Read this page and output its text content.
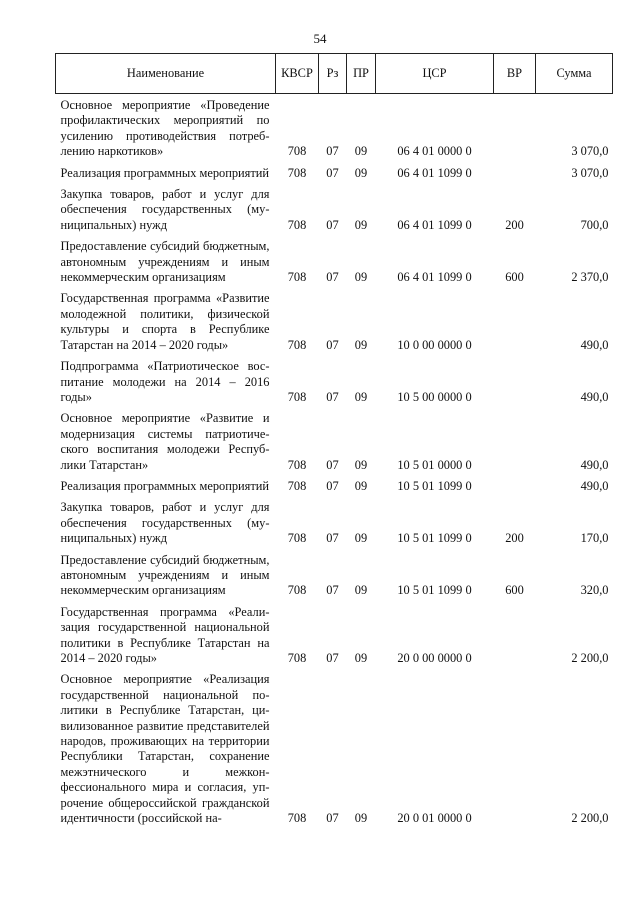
54
Наименование	КВСР	Рз	ПР	ЦСР	ВР	Сумма
Основное мероприятие «Проведение профилактических мероприятий по усилению противодействия потреблению наркотиков»	708	07	09	06 4 01 0000 0		3 070,0
Реализация программных мероприятий	708	07	09	06 4 01 1099 0		3 070,0
Закупка товаров, работ и услуг для обеспечения государственных (муниципальных) нужд	708	07	09	06 4 01 1099 0	200	700,0
Предоставление субсидий бюджетным, автономным учреждениям и иным некоммерческим организациям	708	07	09	06 4 01 1099 0	600	2 370,0
Государственная программа «Развитие молодежной политики, физической культуры и спорта в Республике Татарстан на 2014 – 2020 годы»	708	07	09	10 0 00 0000 0		490,0
Подпрограмма «Патриотическое воспитание молодежи на 2014 – 2016 годы»	708	07	09	10 5 00 0000 0		490,0
Основное мероприятие «Развитие и модернизация системы патриотического воспитания молодежи Республики Татарстан»	708	07	09	10 5 01 0000 0		490,0
Реализация программных мероприятий	708	07	09	10 5 01 1099 0		490,0
Закупка товаров, работ и услуг для обеспечения государственных (муниципальных) нужд	708	07	09	10 5 01 1099 0	200	170,0
Предоставление субсидий бюджетным, автономным учреждениям и иным некоммерческим организациям	708	07	09	10 5 01 1099 0	600	320,0
Государственная программа «Реализация государственной национальной политики в Республике Татарстан на 2014 – 2020 годы»	708	07	09	20 0 00 0000 0		2 200,0
Основное мероприятие «Реализация государственной национальной политики в Республике Татарстан, цивилизованное развитие представителей народов, проживающих на территории Республики Татарстан, сохранение межэтнического и межконфессионального мира и согласия, упрочение общероссийской гражданской идентичности (российской на-	708	07	09	20 0 01 0000 0		2 200,0
